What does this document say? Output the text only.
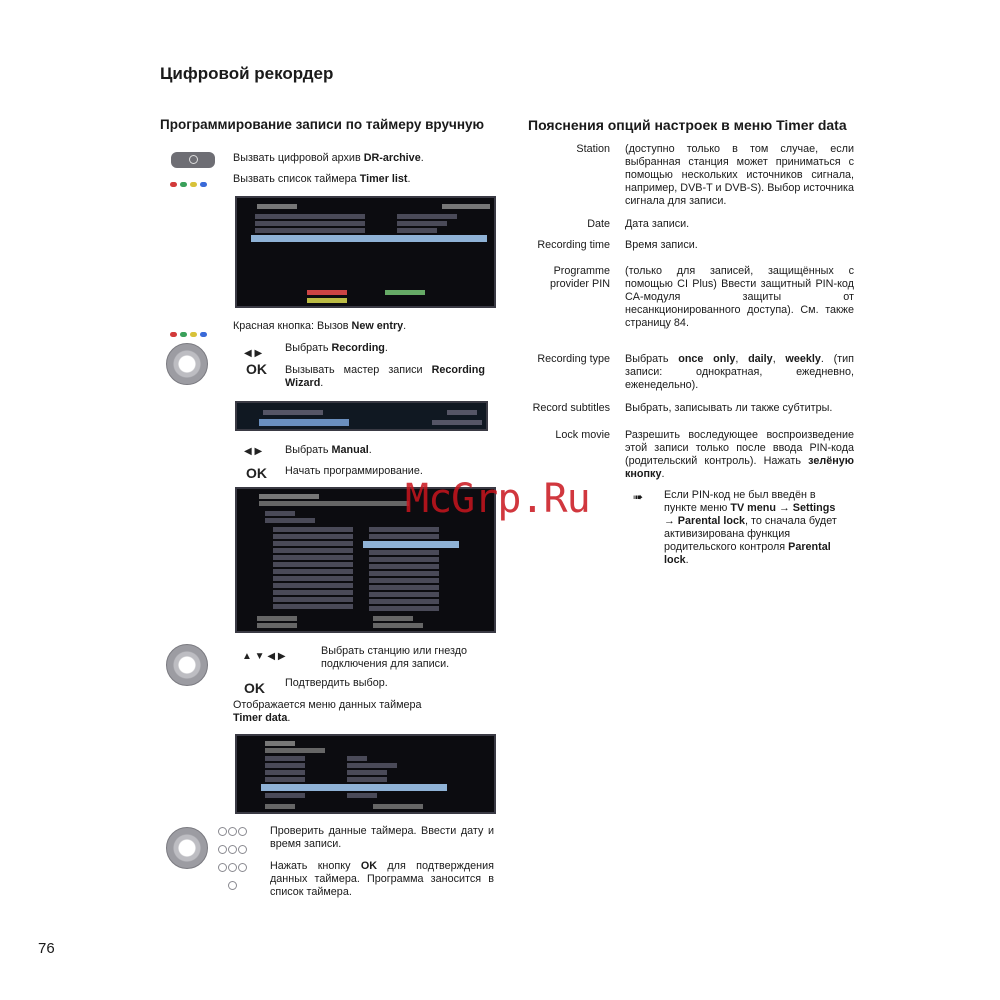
Цифровой рекордер
Программирование записи по таймеру вручную	Пояснения опций настроек в меню Timer data
Вызвать цифровой архив DR-archive.
Вызвать список таймера Timer list.
Красная кнопка: Вызов New entry.
◀ ▶ Выбрать Recording.
OK Вызывать мастер записи Recording Wizard.
◀ ▶ Выбрать Manual.
OK Начать программирование.
▲ ▼ ◀ ▶	Выбрать станцию или гнездо подключения для записи.
OK Подтвердить выбор.
Отображается меню данных таймера Timer data.

Проверить данные таймера. Ввести дату и время записи.
Нажать кнопку OK для подтверждения данных таймера. Программа заносится в список таймера.
Station (доступно только в том случае, если выбранная станция может приниматься с помощью нескольких источников сигнала, например, DVB-T и DVB-S). Выбор источника сигнала для записи.
Date Дата записи.
Recording time Время записи.
Programme provider PIN
(только для записей, защищённых с помощью CI Plus) Ввести защитный PIN-код CA-модуля защиты от несанкционированного доступа). См. также страницу 84.
Recording type Выбрать once only, daily, weekly. (тип записи: однократная, ежедневно, еженедельно).
Record subtitles Выбрать, записывать ли также субтитры.
Lock movie Разрешить воследующее воспроизведение этой записи только после ввода PIN-кода (родительский контроль). Нажать зелёную кнопку.
➠ Если PIN-код не был введён в пункте меню TV menu → Settings → Parental lock, то сначала будет активизирована функция родительского контроля Parental lock.
McGrp.Ru
76
